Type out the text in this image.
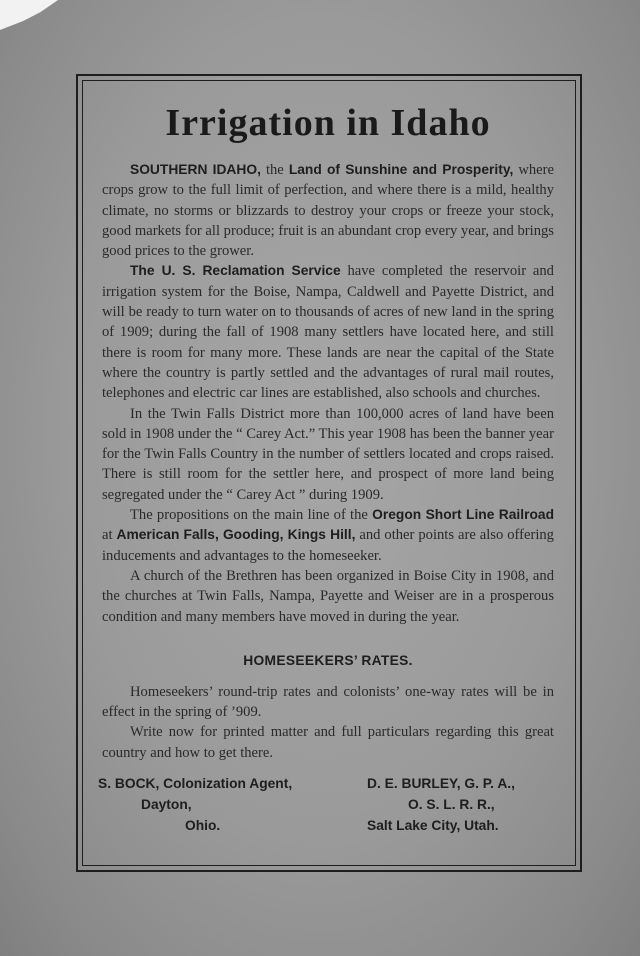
Irrigation in Idaho

SOUTHERN IDAHO, the Land of Sunshine and Prosperity, where crops grow to the full limit of perfection, and where there is a mild, healthy climate, no storms or blizzards to destroy your crops or freeze your stock, good markets for all produce; fruit is an abundant crop every year, and brings good prices to the grower.

The U. S. Reclamation Service have completed the reservoir and irrigation system for the Boise, Nampa, Caldwell and Payette District, and will be ready to turn water on to thousands of acres of new land in the spring of 1909; during the fall of 1908 many settlers have located here, and still there is room for many more. These lands are near the capital of the State where the country is partly settled and the advantages of rural mail routes, telephones and electric car lines are established, also schools and churches.

In the Twin Falls District more than 100,000 acres of land have been sold in 1908 under the “ Carey Act.” This year 1908 has been the banner year for the Twin Falls Country in the number of settlers located and crops raised. There is still room for the settler here, and prospect of more land being segregated under the “ Carey Act ” during 1909.

The propositions on the main line of the Oregon Short Line Railroad at American Falls, Gooding, Kings Hill, and other points are also offering inducements and advantages to the homeseeker.

A church of the Brethren has been organized in Boise City in 1908, and the churches at Twin Falls, Nampa, Payette and Weiser are in a prosperous condition and many members have moved in during the year.

HOMESEEKERS’ RATES.

Homeseekers’ round-trip rates and colonists’ one-way rates will be in effect in the spring of ’909.

Write now for printed matter and full particulars regarding this great country and how to get there.

S. BOCK, Colonization Agent,
Dayton,
Ohio.
D. E. BURLEY, G. P. A.,
O. S. L. R. R.,
Salt Lake City, Utah.
